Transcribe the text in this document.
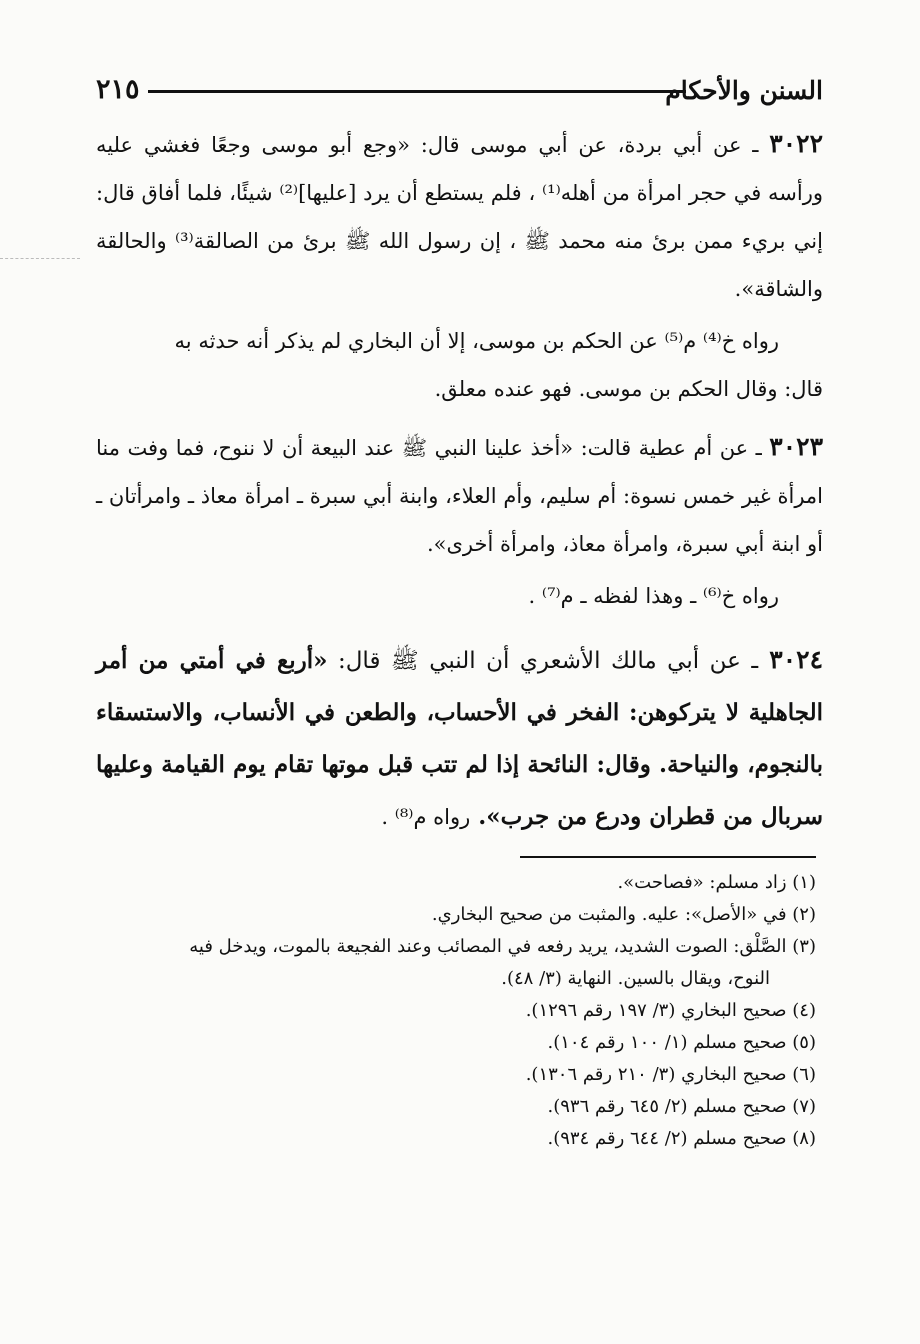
السنن والأحكام
٢١٥

٣٠٢٢ ـ عن أبي بردة، عن أبي موسى قال: «وجع أبو موسى وجعًا فغشي عليه ورأسه في حجر امرأة من أهله⁽¹⁾ ، فلم يستطع أن يرد [عليها]⁽²⁾ شيئًا، فلما أفاق قال: إني بريء ممن برئ منه محمد ﷺ ، إن رسول الله ﷺ برئ من الصالقة⁽³⁾ والحالقة والشاقة».

رواه خ⁽⁴⁾ م⁽⁵⁾ عن الحكم بن موسى، إلا أن البخاري لم يذكر أنه حدثه به

قال: وقال الحكم بن موسى. فهو عنده معلق.

٣٠٢٣ ـ عن أم عطية قالت: «أخذ علينا النبي ﷺ عند البيعة أن لا ننوح، فما وفت منا امرأة غير خمس نسوة: أم سليم، وأم العلاء، وابنة أبي سبرة ـ امرأة معاذ ـ وامرأتان ـ أو ابنة أبي سبرة، وامرأة معاذ، وامرأة أخرى».

رواه خ⁽⁶⁾ ـ وهذا لفظه ـ م⁽⁷⁾ .

٣٠٢٤ ـ عن أبي مالك الأشعري أن النبي ﷺ قال: «أربع في أمتي من أمر الجاهلية لا يتركوهن: الفخر في الأحساب، والطعن في الأنساب، والاستسقاء بالنجوم، والنياحة. وقال: النائحة إذا لم تتب قبل موتها تقام يوم القيامة وعليها سربال من قطران ودرع من جرب». رواه م⁽⁸⁾ .

(١) زاد مسلم: «فصاحت».

(٢) في «الأصل»: عليه. والمثبت من صحيح البخاري.

(٣) الصَّلْق: الصوت الشديد، يريد رفعه في المصائب وعند الفجيعة بالموت، ويدخل فيه

النوح، ويقال بالسين. النهاية (٣/ ٤٨).

(٤) صحيح البخاري (٣/ ١٩٧ رقم ١٢٩٦).

(٥) صحيح مسلم (١/ ١٠٠ رقم ١٠٤).

(٦) صحيح البخاري (٣/ ٢١٠ رقم ١٣٠٦).

(٧) صحيح مسلم (٢/ ٦٤٥ رقم ٩٣٦).

(٨) صحيح مسلم (٢/ ٦٤٤ رقم ٩٣٤).
